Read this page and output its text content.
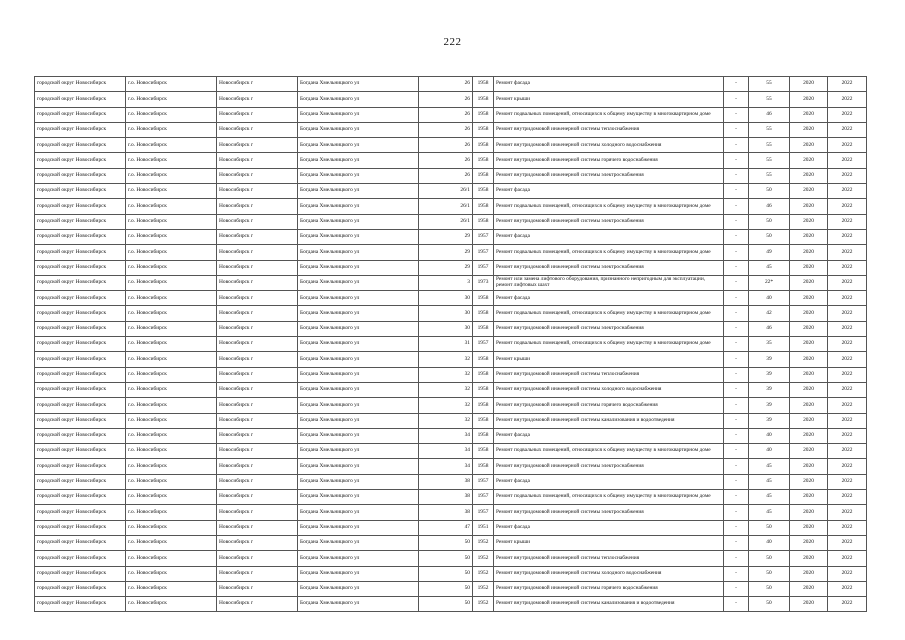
222
городской округ Новосибирск	г.о. Новосибирск	Новосибирск г	Богдана Хмельницкого ул	26	1958	Ремонт фасада	-	55	2020	2022
городской округ Новосибирск	г.о. Новосибирск	Новосибирск г	Богдана Хмельницкого ул	26	1958	Ремонт крыши	-	55	2020	2022
городской округ Новосибирск	г.о. Новосибирск	Новосибирск г	Богдана Хмельницкого ул	26	1958	Ремонт подвальных помещений, относящихся к общему имуществу в многоквартирном доме	-	46	2020	2022
городской округ Новосибирск	г.о. Новосибирск	Новосибирск г	Богдана Хмельницкого ул	26	1958	Ремонт внутридомовой инженерной системы теплоснабжения	-	55	2020	2022
городской округ Новосибирск	г.о. Новосибирск	Новосибирск г	Богдана Хмельницкого ул	26	1958	Ремонт внутридомовой инженерной системы холодного водоснабжения	-	55	2020	2022
городской округ Новосибирск	г.о. Новосибирск	Новосибирск г	Богдана Хмельницкого ул	26	1958	Ремонт внутридомовой инженерной системы горячего водоснабжения	-	55	2020	2022
городской округ Новосибирск	г.о. Новосибирск	Новосибирск г	Богдана Хмельницкого ул	26	1958	Ремонт внутридомовой инженерной системы электроснабжения	-	55	2020	2022
городской округ Новосибирск	г.о. Новосибирск	Новосибирск г	Богдана Хмельницкого ул	26/1	1958	Ремонт фасада	-	50	2020	2022
городской округ Новосибирск	г.о. Новосибирск	Новосибирск г	Богдана Хмельницкого ул	26/1	1958	Ремонт подвальных помещений, относящихся к общему имуществу в многоквартирном доме	-	46	2020	2022
городской округ Новосибирск	г.о. Новосибирск	Новосибирск г	Богдана Хмельницкого ул	26/1	1958	Ремонт внутридомовой инженерной системы электроснабжения	-	50	2020	2022
городской округ Новосибирск	г.о. Новосибирск	Новосибирск г	Богдана Хмельницкого ул	29	1957	Ремонт фасада	-	50	2020	2022
городской округ Новосибирск	г.о. Новосибирск	Новосибирск г	Богдана Хмельницкого ул	29	1957	Ремонт подвальных помещений, относящихся к общему имуществу в многоквартирном доме	-	49	2020	2022
городской округ Новосибирск	г.о. Новосибирск	Новосибирск г	Богдана Хмельницкого ул	29	1957	Ремонт внутридомовой инженерной системы электроснабжения	-	45	2020	2022
городской округ Новосибирск	г.о. Новосибирск	Новосибирск г	Богдана Хмельницкого ул	3	1973	Ремонт или замена лифтового оборудования, признанного непригодным для эксплуатации, ремонт лифтовых шахт	-	22*	2020	2022
городской округ Новосибирск	г.о. Новосибирск	Новосибирск г	Богдана Хмельницкого ул	30	1958	Ремонт фасада	-	40	2020	2022
городской округ Новосибирск	г.о. Новосибирск	Новосибирск г	Богдана Хмельницкого ул	30	1958	Ремонт подвальных помещений, относящихся к общему имуществу в многоквартирном доме	-	42	2020	2022
городской округ Новосибирск	г.о. Новосибирск	Новосибирск г	Богдана Хмельницкого ул	30	1958	Ремонт внутридомовой инженерной системы электроснабжения	-	46	2020	2022
городской округ Новосибирск	г.о. Новосибирск	Новосибирск г	Богдана Хмельницкого ул	31	1957	Ремонт подвальных помещений, относящихся к общему имуществу в многоквартирном доме	-	35	2020	2022
городской округ Новосибирск	г.о. Новосибирск	Новосибирск г	Богдана Хмельницкого ул	32	1958	Ремонт крыши	-	39	2020	2022
городской округ Новосибирск	г.о. Новосибирск	Новосибирск г	Богдана Хмельницкого ул	32	1958	Ремонт внутридомовой инженерной системы теплоснабжения	-	39	2020	2022
городской округ Новосибирск	г.о. Новосибирск	Новосибирск г	Богдана Хмельницкого ул	32	1958	Ремонт внутридомовой инженерной системы холодного водоснабжения	-	39	2020	2022
городской округ Новосибирск	г.о. Новосибирск	Новосибирск г	Богдана Хмельницкого ул	32	1958	Ремонт внутридомовой инженерной системы горячего водоснабжения	-	39	2020	2022
городской округ Новосибирск	г.о. Новосибирск	Новосибирск г	Богдана Хмельницкого ул	32	1958	Ремонт внутридомовой инженерной системы канализования и водоотведения	-	39	2020	2022
городской округ Новосибирск	г.о. Новосибирск	Новосибирск г	Богдана Хмельницкого ул	34	1958	Ремонт фасада	-	40	2020	2022
городской округ Новосибирск	г.о. Новосибирск	Новосибирск г	Богдана Хмельницкого ул	34	1958	Ремонт подвальных помещений, относящихся к общему имуществу в многоквартирном доме	-	40	2020	2022
городской округ Новосибирск	г.о. Новосибирск	Новосибирск г	Богдана Хмельницкого ул	34	1958	Ремонт внутридомовой инженерной системы электроснабжения	-	45	2020	2022
городской округ Новосибирск	г.о. Новосибирск	Новосибирск г	Богдана Хмельницкого ул	38	1957	Ремонт фасада	-	45	2020	2022
городской округ Новосибирск	г.о. Новосибирск	Новосибирск г	Богдана Хмельницкого ул	38	1957	Ремонт подвальных помещений, относящихся к общему имуществу в многоквартирном доме	-	45	2020	2022
городской округ Новосибирск	г.о. Новосибирск	Новосибирск г	Богдана Хмельницкого ул	38	1957	Ремонт внутридомовой инженерной системы электроснабжения	-	45	2020	2022
городской округ Новосибирск	г.о. Новосибирск	Новосибирск г	Богдана Хмельницкого ул	47	1951	Ремонт фасада	-	50	2020	2022
городской округ Новосибирск	г.о. Новосибирск	Новосибирск г	Богдана Хмельницкого ул	50	1952	Ремонт крыши	-	40	2020	2022
городской округ Новосибирск	г.о. Новосибирск	Новосибирск г	Богдана Хмельницкого ул	50	1952	Ремонт внутридомовой инженерной системы теплоснабжения	-	50	2020	2022
городской округ Новосибирск	г.о. Новосибирск	Новосибирск г	Богдана Хмельницкого ул	50	1952	Ремонт внутридомовой инженерной системы холодного водоснабжения	-	50	2020	2022
городской округ Новосибирск	г.о. Новосибирск	Новосибирск г	Богдана Хмельницкого ул	50	1952	Ремонт внутридомовой инженерной системы горячего водоснабжения	-	50	2020	2022
городской округ Новосибирск	г.о. Новосибирск	Новосибирск г	Богдана Хмельницкого ул	50	1952	Ремонт внутридомовой инженерной системы канализования и водоотведения	-	50	2020	2022
